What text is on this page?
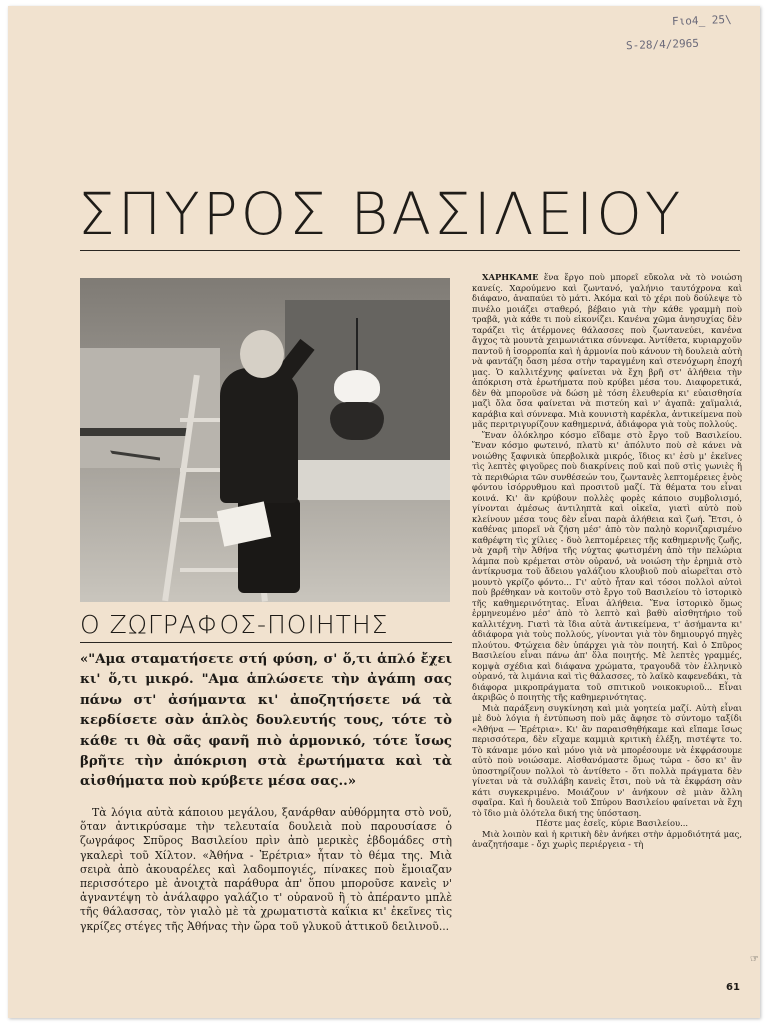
Fιο4_ 25\
S-28/4/2965
ΣΠΥΡΟΣ ΒΑΣΙΛΕΙΟΥ
Ο ΖΩΓΡΑΦΟΣ-ΠΟΙΗΤΗΣ
«"Αμα σταματήσετε στή φύση, σ' ὅ,τι ἁπλό ἔχει κι' ὅ,τι μικρό. "Αμα ἁπλώσετε τὴν ἀγάπη σας πάνω στ' ἀσήμαντα κι' ἀποζητήσετε νά τὰ κερδίσετε σὰν ἁπλὸς δουλευτής τους, τότε τὸ κάθε τι θὰ σᾶς φανῆ πιὸ ἁρμονικό, τότε ἴσως βρῆτε τὴν ἀπόκριση στὰ ἐρωτήματα καὶ τὰ αἰσθήματα ποὺ κρύβετε μέσα σας..»

Τὰ λόγια αὐτὰ κάποιου μεγάλου, ξανάρθαν αὐθόρμητα στὸ νοῦ, ὅταν ἀντικρύσαμε τὴν τελευταία δουλειὰ ποὺ παρουσίασε ὁ ζωγράφος Σπῦρος Βασιλείου πρὶν ἀπὸ μερικὲς ἑβδομάδες στὴ γκαλερὶ τοῦ Χίλτον. «Ἀθήνα - Ἐρέτρια» ἦταν τὸ θέμα της. Μιὰ σειρὰ ἀπὸ ἀκουαρέλες καὶ λαδομπογιές, πίνακες ποὺ ἔμοιαζαν περισσότερο μὲ ἀνοιχτὰ παράθυρα ἀπ' ὅπου μποροῦσε κανεὶς ν' ἀγναντέψη τὸ ἀνάλαφρο γαλάζιο τ' οὐρανοῦ ἢ τὸ ἀπέραντο μπλὲ τῆς θάλασσας, τὸν γιαλὸ μὲ τὰ χρωματιστὰ καΐκια κι' ἐκεῖνες τὶς γκρίζες στέγες τῆς Ἀθήνας τὴν ὥρα τοῦ γλυκοῦ ἀττικοῦ δειλινοῦ...

ΧΑΡΗΚΑΜΕ ἕνα ἔργο ποὺ μπορεῖ εὔκολα νὰ τὸ νοιώση κανείς. Χαρούμενο καὶ ζωντανό, γαλήνιο ταυτόχρονα καὶ διάφανο, ἀναπαύει τὸ μάτι. Ἀκόμα καὶ τὸ χέρι ποὺ δούλεψε τὸ πινέλο μοιάζει σταθερό, βέβαιο γιὰ τὴν κάθε γραμμὴ ποὺ τραβᾶ, γιὰ κάθε τι ποὺ εἰκονίζει. Κανένα χῶμα ἀνησυχίας δὲν ταράζει τὶς ἀτέρμονες θάλασσες ποὺ ζωντανεύει, κανένα ἄγχος τὰ μουντὰ χειμωνιάτικα σύννεφα. Ἀντίθετα, κυριαρχοῦν παντοῦ ἡ ἰσορροπία καὶ ἡ ἁρμονία ποὺ κάνουν τὴ δουλειὰ αὐτὴ νὰ φαντάζη ὄαση μέσα στὴν ταραγμένη καὶ στενόχωρη ἐποχή μας. Ὁ καλλιτέχνης φαίνεται νὰ ἔχη βρῆ στ' ἀλήθεια τὴν ἀπόκριση στὰ ἐρωτήματα ποὺ κρύβει μέσα του. Διαφορετικά, δὲν θὰ μποροῦσε νὰ δώση μὲ τόση ἐλευθερία κι' εὐαισθησία μαζὶ ὅλα ὅσα φαίνεται νὰ πιστεύη καὶ ν' ἀγαπᾶ: χαϊμαλιά, καράβια καὶ σύννεφα. Μιὰ κουνιστὴ καρέκλα, ἀντικείμενα ποὺ μᾶς περιτριγυρίζουν καθημερινά, ἀδιάφορα γιὰ τοὺς πολλούς.

Ἕναν ὁλόκληρο κόσμο εἴδαμε στὸ ἔργο τοῦ Βασιλείου. Ἕναν κόσμο φωτεινό, πλατὺ κι' ἀπόλυτο ποὺ σὲ κάνει νὰ νοιώθης ξαφνικὰ ὑπερβολικὰ μικρός, ἴδιος κι' ἐσὺ μ' ἐκεῖνες τὶς λεπτὲς φιγοῦρες ποὺ διακρίνεις ποῦ καὶ ποῦ στὶς γωνιὲς ἢ τὰ περιθώρια τῶν συνθέσεών του, ζωντανὲς λεπτομέρειες ἑνὸς φόντου ἰσόρρυθμου καὶ προσιτοῦ μαζί. Τὰ θέματα του εἶναι κοινά. Κι' ἂν κρύβουν πολλὲς φορὲς κάποιο συμβολισμό, γίνονται ἀμέσως ἀντιληπτὰ καὶ οἰκεῖα, γιατὶ αὐτὸ ποὺ κλείνουν μέσα τους δὲν εἶναι παρὰ ἀλήθεια καὶ ζωή. Ἔτσι, ὁ καθένας μπορεῖ νὰ ζήση μέσ' ἀπὸ τὸν παληὸ κορνιζαρισμένο καθρέφτη τὶς χίλιες - δυὸ λεπτομέρειες τῆς καθημερινῆς ζωῆς, νὰ χαρῆ τὴν Ἀθήνα τῆς νύχτας φωτισμένη ἀπὸ τὴν πελώρια λάμπα ποὺ κρέμεται στὸν οὐρανό, νὰ νοιώση τὴν ἐρημιὰ στὸ ἀντίκρυσμα τοῦ ἄδειου γαλάζιου κλουβιοῦ ποὺ αἰωρεῖται στὸ μουντὸ γκρίζο φόντο... Γι' αὐτὸ ἦταν καὶ τόσοι πολλοὶ αὐτοὶ ποὺ βρέθηκαν νὰ κοιτοῦν στὸ ἔργο τοῦ Βασιλείου τὸ ἱστορικὸ τῆς καθημερινότητας. Εἶναι ἀλήθεια. Ἕνα ἱστορικὸ ὅμως ἑρμηνευμένο μέσ' ἀπὸ τὸ λεπτὸ καὶ βαθὺ αἰσθητήριο τοῦ καλλιτέχνη. Γιατὶ τὰ ἴδια αὐτὰ ἀντικείμενα, τ' ἀσήμαντα κι' ἀδιάφορα γιὰ τοὺς πολλούς, γίνονται γιὰ τὸν δημιουργό πηγὲς πλούτου. Φτώχεια δὲν ὑπάρχει γιὰ τὸν ποιητή. Καὶ ὁ Σπῦρος Βασιλείου εἶναι πάνω ἀπ' ὅλα ποιητής. Μὲ λεπτὲς γραμμές, κομψὰ σχέδια καὶ διάφανα χρώματα, τραγουδᾶ τὸν ἑλληνικὸ οὐρανό, τὰ λιμάνια καὶ τὶς θάλασσες, τὸ λαϊκὸ καφενεδάκι, τὰ διάφορα μικροπράγματα τοῦ σπιτικοῦ νοικοκυριοῦ... Εἶναι ἀκριβῶς ὁ ποιητὴς τῆς καθημερινότητας.

Μιὰ παράξενη συγκίνηση καὶ μιὰ γοητεία μαζί. Αὐτὴ εἶναι μὲ δυὸ λόγια ἡ ἐντύπωση ποὺ μᾶς ἄφησε τὸ σύντομο ταξίδι «Ἀθήνα — Ἐρέτρια». Κι' ἂν παραισθηθήκαμε καὶ εἴπαμε ἴσως περισσότερα, δὲν εἴχαμε καμμιὰ κριτικὴ ἐλέξη, πιστέψτε το. Τὸ κάναμε μόνο καὶ μόνο γιὰ νὰ μπορέσουμε νὰ ἐκφράσουμε αὐτὸ ποὺ νοιώσαμε. Αἰσθανόμαστε ὅμως τώρα - ὅσο κι' ἂν ὑποστηρίζουν πολλοὶ τὸ ἀντίθετο - ὅτι πολλὰ πράγματα δὲν γίνεται νὰ τὰ συλλάβη κανεὶς ἔτσι, ποὺ νὰ τὰ ἐκφράση σὰν κάτι συγκεκριμένο. Μοιάζουν ν' ἀνήκουν σὲ μιὰν ἄλλη σφαῖρα. Καὶ ἡ δουλειὰ τοῦ Σπύρου Βασιλείου φαίνεται νὰ ἔχη τὸ ἴδιο μιὰ ὁλότελα δική της ὑπόσταση.

Πέστε μας ἐσεῖς, κύριε Βασιλείου...

Μιὰ λοιπὸν καὶ ἡ κριτικὴ δὲν ἀνήκει στὴν ἁρμοδιότητά μας, ἀναζητήσαμε - ὄχι χωρὶς περιέργεια - τὴ

☞
61
